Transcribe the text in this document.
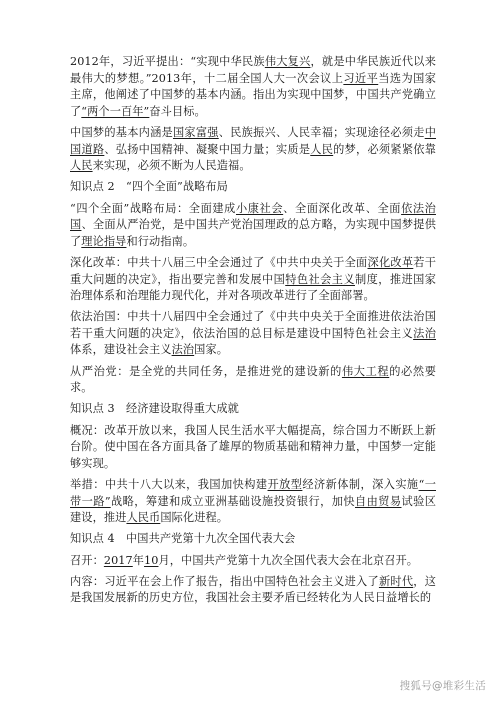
2012年，习近平提出：“实现中华民族伟大复兴，就是中华民族近代以来最伟大的梦想。”2013年，十二届全国人大一次会议上习近平当选为国家主席，他阐述了中国梦的基本内涵。指出为实现中国梦，中国共产党确立了“两个一百年”奋斗目标。

中国梦的基本内涵是国家富强、民族振兴、人民幸福；实现途径必须走中国道路、弘扬中国精神、凝聚中国力量；实质是人民的梦，必须紧紧依靠人民来实现，必须不断为人民造福。

知识点 2　“四个全面”战略布局

“四个全面”战略布局：全面建成小康社会、全面深化改革、全面依法治国、全面从严治党，是中国共产党治国理政的总方略，为实现中国梦提供了理论指导和行动指南。

深化改革：中共十八届三中全会通过了《中共中央关于全面深化改革若干重大问题的决定》，指出要完善和发展中国特色社会主义制度，推进国家治理体系和治理能力现代化，并对各项改革进行了全面部署。

依法治国：中共十八届四中全会通过了《中共中央关于全面推进依法治国若干重大问题的决定》，依法治国的总目标是建设中国特色社会主义法治体系，建设社会主义法治国家。

从严治党：是全党的共同任务，是推进党的建设新的伟大工程的必然要求。

知识点 3　经济建设取得重大成就

概况：改革开放以来，我国人民生活水平大幅提高，综合国力不断跃上新台阶。使中国在各方面具备了雄厚的物质基础和精神力量，中国梦一定能够实现。

举措：中共十八大以来，我国加快构建开放型经济新体制，深入实施“一带一路”战略，筹建和成立亚洲基础设施投资银行，加快自由贸易试验区建设，推进人民币国际化进程。

知识点 4　中国共产党第十九次全国代表大会

召开：2017年10月，中国共产党第十九次全国代表大会在北京召开。

内容：习近平在会上作了报告，指出中国特色社会主义进入了新时代，这是我国发展新的历史方位，我国社会主要矛盾已经转化为人民日益增长的

搜狐号@堆彩生活
